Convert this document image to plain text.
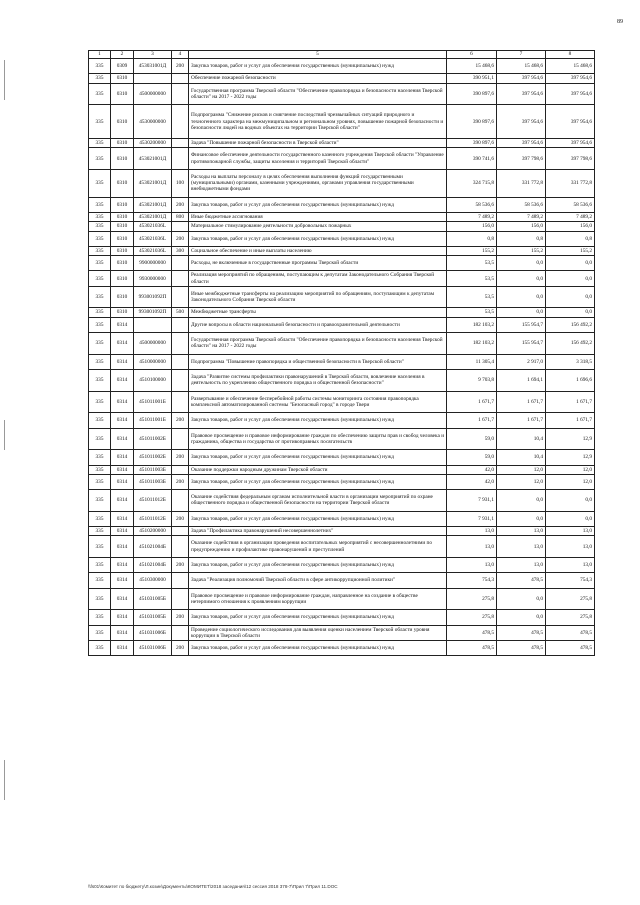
89
1	2	3	4	5	6	7	8
335	0309	453031001Д	200	Закупка товаров, работ и услуг для обеспечения государственных (муниципальных) нужд	15 468,6	15 468,6	15 468,6
335	0310			Обеспечение пожарной безопасности	390 951,1	397 954,6	397 954,6
335	0310	4500000000		Государственная программа Тверской области "Обеспечение правопорядка и безопасности населения Тверской области" на 2017 - 2022 годы	390 897,6	397 954,6	397 954,6
335	0310	4530000000		Подпрограмма "Снижение рисков и смягчение последствий чрезвычайных ситуаций природного и техногенного характера на межмуниципальном и региональном уровнях, повышение пожарной безопасности и безопасности людей на водных объектах на территории Тверской области"	390 897,6	397 954,6	397 954,6
335	0310	4530200000		Задача "Повышение пожарной безопасности в Тверской области"	390 897,6	397 954,6	397 954,6
335	0310	453021001Д		Финансовое обеспечение деятельности государственного казенного учреждения Тверской области "Управление противопожарной службы, защиты населения и территорий Тверской области"	390 741,6	397 798,6	397 798,6
335	0310	453021001Д	100	Расходы на выплаты персоналу в целях обеспечения выполнения функций государственными (муниципальными) органами, казенными учреждениями, органами управления государственными внебюджетными фондами	324 715,8	331 772,8	331 772,8
335	0310	453021001Д	200	Закупка товаров, работ и услуг для обеспечения государственных (муниципальных) нужд	58 536,6	58 536,6	58 536,6
335	0310	453021001Д	800	Иные бюджетные ассигнования	7 489,2	7 489,2	7 489,2
335	0310	453021036L		Материальное стимулирование деятельности добровольных пожарных	156,0	156,0	156,0
335	0310	453021036L	200	Закупка товаров, работ и услуг для обеспечения государственных (муниципальных) нужд	0,8	0,8	0,8
335	0310	453021036L	300	Социальное обеспечение и иные выплаты населению	155,2	155,2	155,2
335	0310	9900000000		Расходы, не включенные в государственные программы Тверской области	53,5	0,0	0,0
335	0310	9930000000		Реализация мероприятий по обращениям, поступающим к депутатам Законодательного Собрания Тверской области	53,5	0,0	0,0
335	0310	993001092П		Иные межбюджетные трансферты на реализацию мероприятий по обращениям, поступающим к депутатам Законодательного Собрания Тверской области	53,5	0,0	0,0
335	0310	993001092П	500	Межбюджетные трансферты	53,5	0,0	0,0
335	0314			Другие вопросы в области национальной безопасности и правоохранительной деятельности	182 103,2	155 954,7	156 492,2
335	0314	4500000000		Государственная программа Тверской области "Обеспечение правопорядка и безопасности населения Тверской области" на 2017 - 2022 годы	182 103,2	155 954,7	156 492,2
335	0314	4510000000		Подпрограмма "Повышение правопорядка и общественной безопасности в Тверской области"	11 305,4	2 917,0	3 318,5
335	0314	4510100000		Задача "Развитие системы профилактики правонарушений в Тверской области, вовлечение населения в деятельность по укреплению общественного порядка и общественной безопасности"	9 703,8	1 694,1	1 696,6
335	0314	451011001Б		Развертывание и обеспечение бесперебойной работы системы мониторинга состояния правопорядка комплексной автоматизированной системы "Безопасный город" в городе Твери	1 671,7	1 671,7	1 671,7
335	0314	451011001Б	200	Закупка товаров, работ и услуг для обеспечения государственных (муниципальных) нужд	1 671,7	1 671,7	1 671,7
335	0314	451011002Б		Правовое просвещение и правовое информирование граждан по обеспечению защиты прав и свобод человека и гражданина, общества и государства от противоправных посягательств	59,0	10,4	12,9
335	0314	451011002Б	200	Закупка товаров, работ и услуг для обеспечения государственных (муниципальных) нужд	59,0	10,4	12,9
335	0314	451011003Б		Оказание поддержки народным дружинам Тверской области	42,0	12,0	12,0
335	0314	451011003Б	200	Закупка товаров, работ и услуг для обеспечения государственных (муниципальных) нужд	42,0	12,0	12,0
335	0314	451011012Б		Оказание содействия федеральным органам исполнительной власти в организации мероприятий по охране общественного порядка и общественной безопасности на территории Тверской области	7 931,1	0,0	0,0
335	0314	451011012Б	200	Закупка товаров, работ и услуг для обеспечения государственных (муниципальных) нужд	7 931,1	0,0	0,0
335	0314	4510200000		Задача "Профилактика правонарушений несовершеннолетних"	13,0	13,0	13,0
335	0314	451021004Б		Оказание содействия в организации проведения воспитательных мероприятий с несовершеннолетними по предупреждению и профилактике правонарушений и преступлений	13,0	13,0	13,0
335	0314	451021004Б	200	Закупка товаров, работ и услуг для обеспечения государственных (муниципальных) нужд	13,0	13,0	13,0
335	0314	4510300000		Задача "Реализация полномочий Тверской области в сфере антикоррупционной политики"	754,3	478,5	754,3
335	0314	451031005Б		Правовое просвещение и правовое информирование граждан, направленное на создание в обществе нетерпимого отношения к проявлениям коррупции	275,8	0,0	275,8
335	0314	451031005Б	200	Закупка товаров, работ и услуг для обеспечения государственных (муниципальных) нужд	275,8	0,0	275,8
335	0314	451031006Б		Проведение социологического исследования для выявления оценки населением Тверской области уровня коррупции в Тверской области	478,5	478,5	478,5
335	0314	451031006Б	200	Закупка товаров, работ и услуг для обеспечения государственных (муниципальных) нужд	478,5	478,5	478,5
\\fs01\Комитет по бюджету\Л.козин\Документы\КОМИТЕТ\2018 заседания\12 сессия 2018 378-7\Прил 7\Прил 11.DOC
